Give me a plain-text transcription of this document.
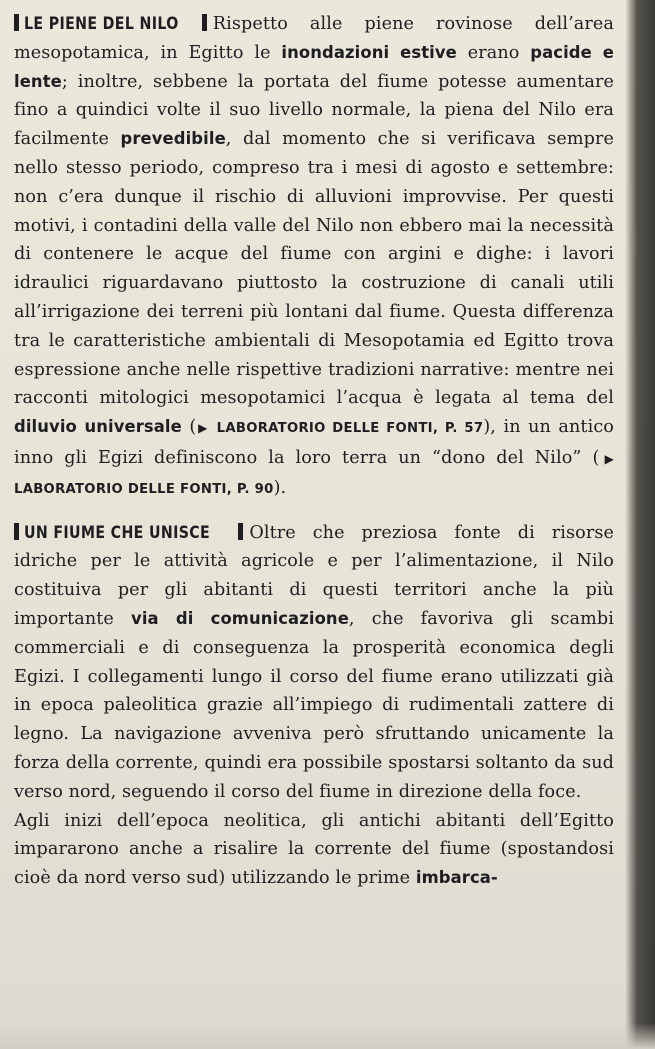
LE PIENE DEL NILO Rispetto alle piene rovinose dell’area mesopotamica, in Egitto le inondazioni estive erano pacide e lente; inoltre, sebbene la portata del fiume potesse aumentare fino a quindici volte il suo livello normale, la piena del Nilo era facilmente prevedibile, dal momento che si verificava sempre nello stesso periodo, compreso tra i mesi di agosto e settembre: non c’era dunque il rischio di alluvioni improvvise. Per questi motivi, i contadini della valle del Nilo non ebbero mai la necessità di contenere le acque del fiume con argini e dighe: i lavori idraulici riguardavano piuttosto la costruzione di canali utili all’irrigazione dei terreni più lontani dal fiume. Questa differenza tra le caratteristiche ambientali di Mesopotamia ed Egitto trova espressione anche nelle rispettive tradizioni narrative: mentre nei racconti mitologici mesopotamici l’acqua è legata al tema del diluvio universale (▶ LABORATORIO DELLE FONTI, P. 57), in un antico inno gli Egizi definiscono la loro terra un “dono del Nilo” (▶ LABORATORIO DELLE FONTI, P. 90).

UN FIUME CHE UNISCE Oltre che preziosa fonte di risorse idriche per le attività agricole e per l’alimentazione, il Nilo costituiva per gli abitanti di questi territori anche la più importante via di comunicazione, che favoriva gli scambi commerciali e di conseguenza la prosperità economica degli Egizi. I collegamenti lungo il corso del fiume erano utilizzati già in epoca paleolitica grazie all’impiego di rudimentali zattere di legno. La navigazione avveniva però sfruttando unicamente la forza della corrente, quindi era possibile spostarsi soltanto da sud verso nord, seguendo il corso del fiume in direzione della foce.

Agli inizi dell’epoca neolitica, gli antichi abitanti dell’Egitto impararono anche a risalire la corrente del fiume (spostandosi cioè da nord verso sud) utilizzando le prime imbarca-
